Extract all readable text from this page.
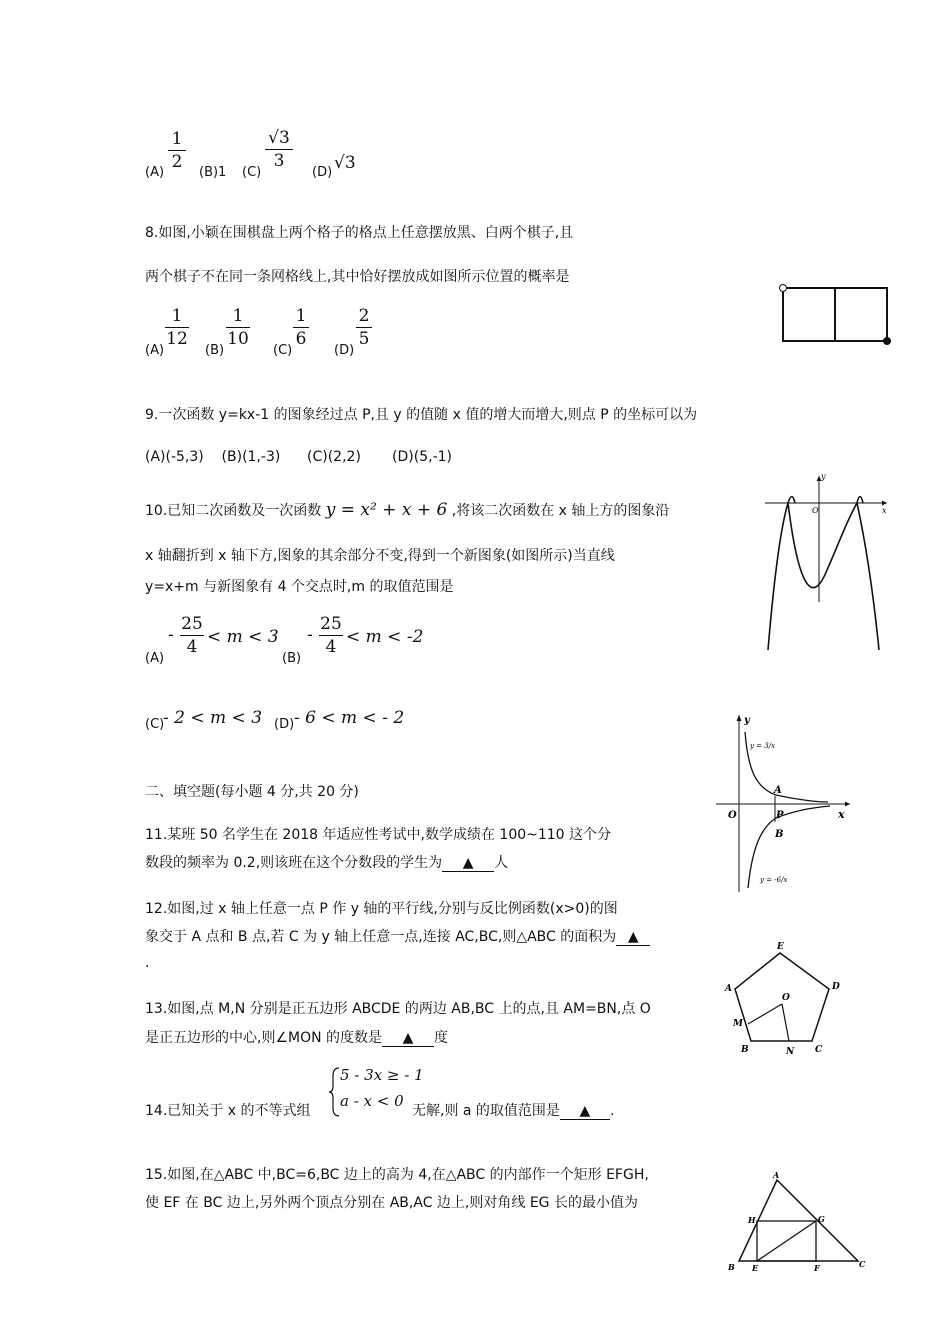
(A)
1
2
(B)1 (C)
√3
3
(D) √3
8.如图,小颖在围棋盘上两个格子的格点上任意摆放黑、白两个棋子,且
两个棋子不在同一条网格线上,其中恰好摆放成如图所示位置的概率是
(A)
1
12
(B)
1
10
(C)
1
6
(D)
2
5
9.一次函数 y=kx-1 的图象经过点 P,且 y 的值随 x 值的增大而增大,则点 P 的坐标可以为
(A)(-5,3)    (B)(1,-3)      (C)(2,2)       (D)(5,-1)
10.已知二次函数及一次函数 y = x² + x + 6 ,将该二次函数在 x 轴上方的图象沿
x 轴翻折到 x 轴下方,图象的其余部分不变,得到一个新图象(如图所示)当直线
y=x+m 与新图象有 4 个交点时,m 的取值范围是
(A)
-
25
4 < m < 3
(B)
-
25
4 < m < -2
(C)
- 2 < m < 3 (D) - 6 < m < - 2
y
O	x
二、填空题(每小题 4 分,共 20 分)
y
O	x
y = 3/x
y = -6/x
A
P
B
11.某班 50 名学生在 2018 年适应性考试中,数学成绩在 100~110 这个分
数段的频率为 0.2,则该班在这个分数段的学生为 ▲ 人
12.如图,过 x 轴上任意一点 P 作 y 轴的平行线,分别与反比例函数(x>0)的图
象交于 A 点和 B 点,若 C 为 y 轴上任意一点,连接 AC,BC,则△ABC 的面积为 ▲
.
E
A	D
O
M
B	N C
13.如图,点 M,N 分别是正五边形 ABCDE 的两边 AB,BC 上的点,且 AM=BN,点 O
是正五边形的中心,则∠MON 的度数是 ▲ 度
14.已知关于 x 的不等式组
5 - 3x ≥ - 1
a - x < 0
无解,则 a 的取值范围是 ▲ .
15.如图,在△ABC 中,BC=6,BC 边上的高为 4,在△ABC 的内部作一个矩形 EFGH,
使 EF 在 BC 边上,另外两个顶点分别在 AB,AC 边上,则对角线 EG 长的最小值为
A
H	G
B E	F	C
